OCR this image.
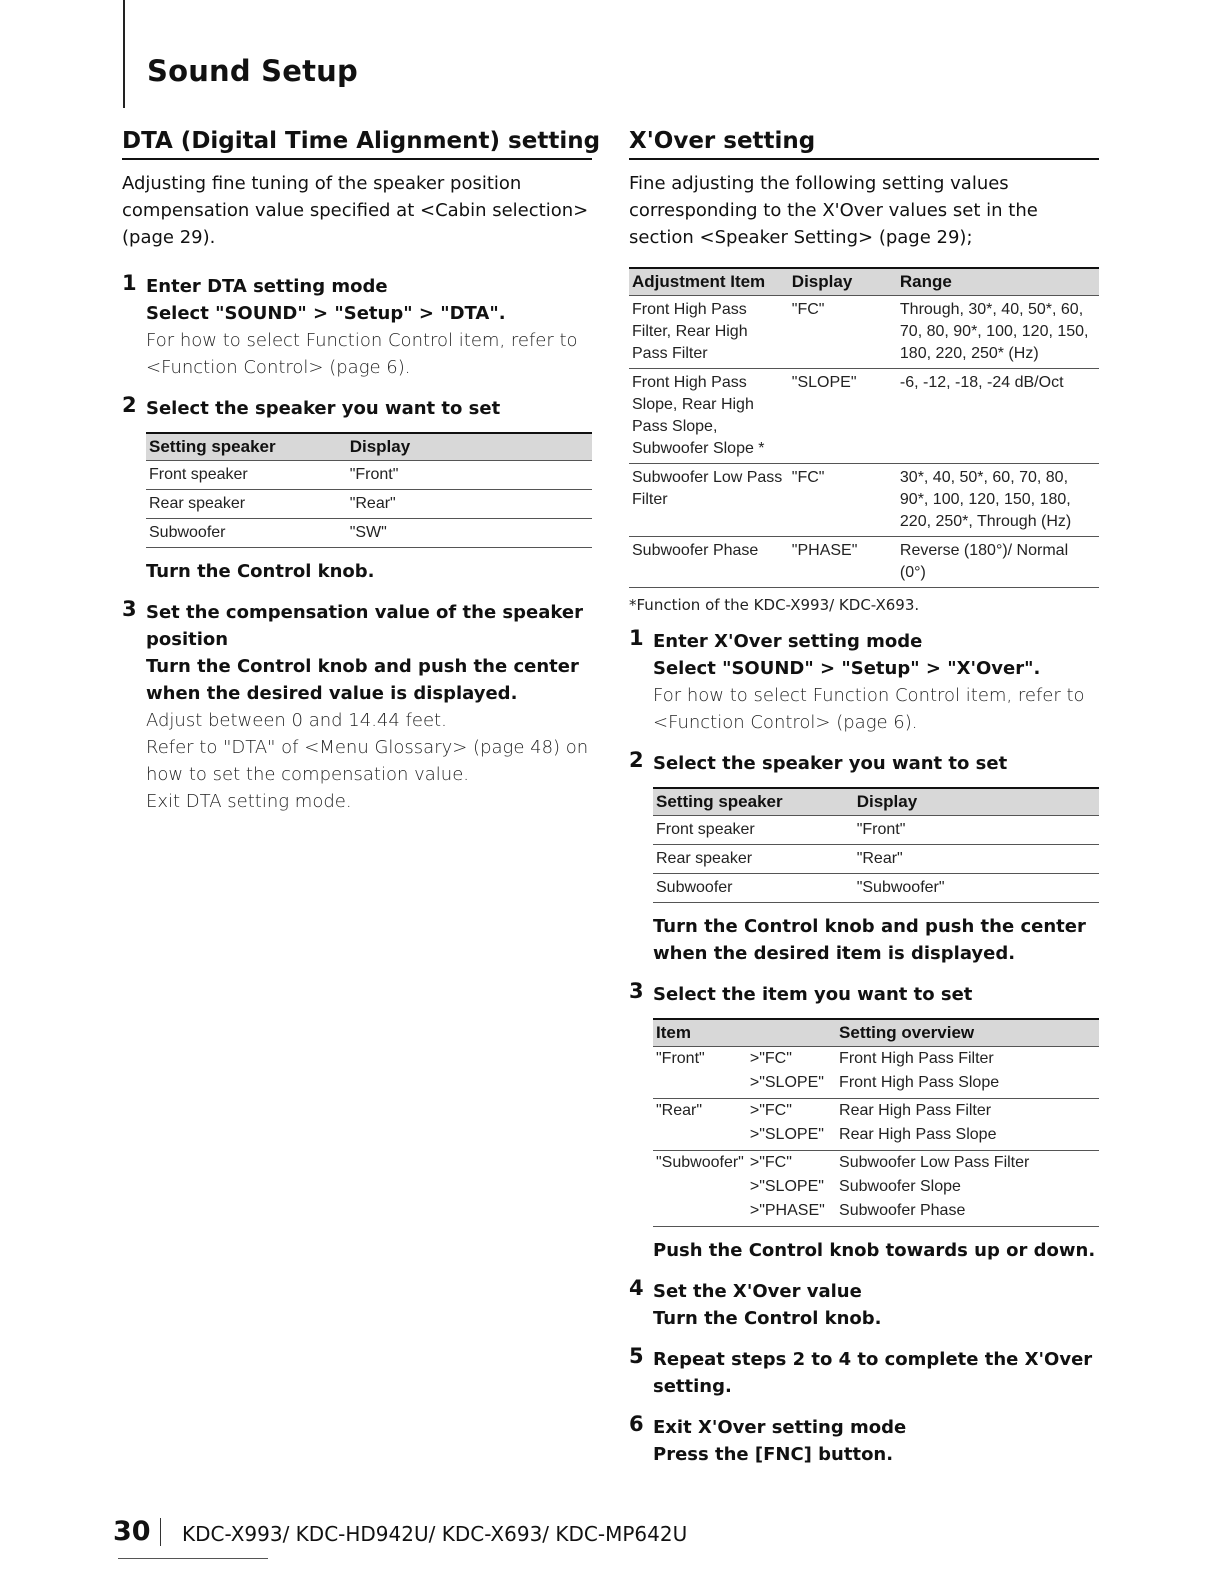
Sound Setup
DTA (Digital Time Alignment) setting
Adjusting fine tuning of the speaker position compensation value specified at <Cabin selection> (page 29).
1 Enter DTA setting mode
Select "SOUND" > "Setup" > "DTA".
For how to select Function Control item, refer to <Function Control> (page 6).
2 Select the speaker you want to set
Setting speaker	Display
Front speaker	"Front"
Rear speaker	"Rear"
Subwoofer	"SW"
Turn the Control knob.
3 Set the compensation value of the speaker position
Turn the Control knob and push the center when the desired value is displayed.
Adjust between 0 and 14.44 feet.
Refer to "DTA" of <Menu Glossary> (page 48) on how to set the compensation value.
Exit DTA setting mode.
X'Over setting
Fine adjusting the following setting values corresponding to the X'Over values set in the section <Speaker Setting> (page 29);
Adjustment Item	Display	Range
Front High Pass Filter, Rear High Pass Filter	"FC"	Through, 30*, 40, 50*, 60, 70, 80, 90*, 100, 120, 150, 180, 220, 250* (Hz)
Front High Pass Slope, Rear High Pass Slope, Subwoofer Slope *	"SLOPE"	-6, -12, -18, -24 dB/Oct
Subwoofer Low Pass Filter	"FC"	30*, 40, 50*, 60, 70, 80, 90*, 100, 120, 150, 180, 220, 250*, Through (Hz)
Subwoofer Phase	"PHASE"	Reverse (180°)/ Normal (0°)
*Function of the KDC-X993/ KDC-X693.
1 Enter X'Over setting mode
Select "SOUND" > "Setup" > "X'Over".
For how to select Function Control item, refer to <Function Control> (page 6).
2 Select the speaker you want to set
Setting speaker	Display
Front speaker	"Front"
Rear speaker	"Rear"
Subwoofer	"Subwoofer"
Turn the Control knob and push the center when the desired item is displayed.
3 Select the item you want to set
Item		Setting overview
"Front"	>"FC"	Front High Pass Filter
	>"SLOPE"	Front High Pass Slope
"Rear"	>"FC"	Rear High Pass Filter
	>"SLOPE"	Rear High Pass Slope
"Subwoofer"	>"FC"	Subwoofer Low Pass Filter
	>"SLOPE"	Subwoofer Slope
	>"PHASE"	Subwoofer Phase
Push the Control knob towards up or down.
4 Set the X'Over value
Turn the Control knob.
5 Repeat steps 2 to 4 to complete the X'Over setting.
6 Exit X'Over setting mode
Press the [FNC] button.
30 KDC-X993/ KDC-HD942U/ KDC-X693/ KDC-MP642U
